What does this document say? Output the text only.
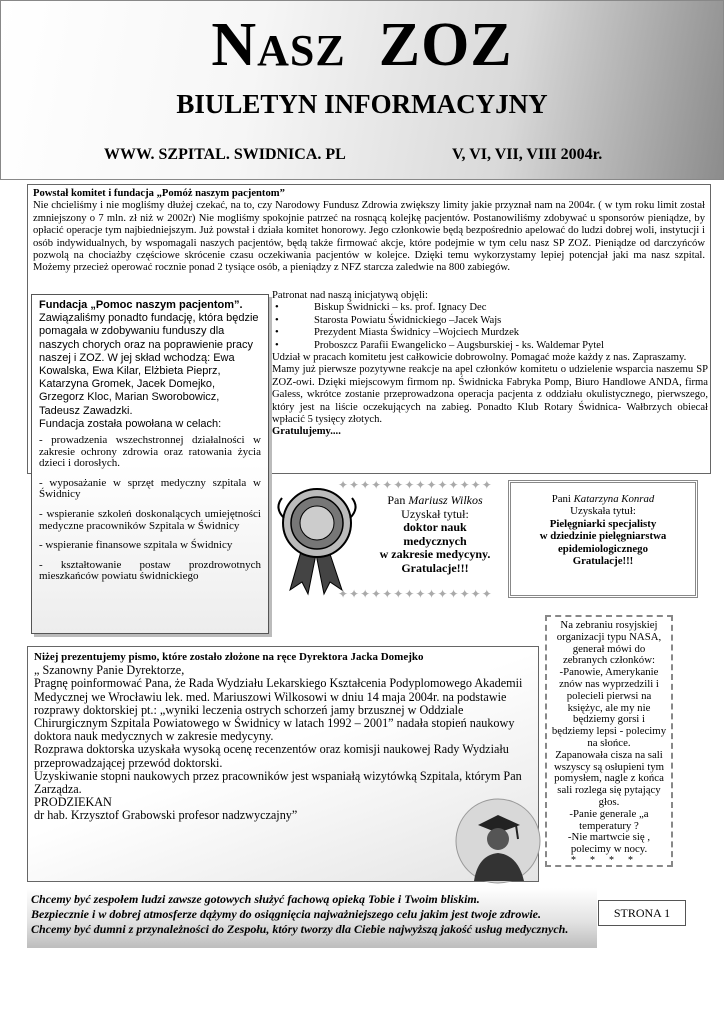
NASZ ZOZ
BIULETYN INFORMACYJNY
WWW. SZPITAL. SWIDNICA. PL	V, VI, VII, VIII 2004r.

Powstał komitet i fundacja „Pomóż naszym pacjentom”

Nie chcieliśmy i nie mogliśmy dłużej czekać, na to, czy Narodowy Fundusz Zdrowia zwiększy limity jakie przyznał nam na 2004r. ( w tym roku limit został zmniejszony o 7 mln. zł niż w 2002r) Nie mogliśmy spokojnie patrzeć na rosnącą kolejkę pacjentów. Postanowiliśmy zdobywać u sponsorów pieniądze, by opłacić operacje tym najbiedniejszym. Już powstał i działa komitet honorowy. Jego członkowie będą bezpośrednio apelować do ludzi dobrej woli, instytucji i osób indywidualnych, by wspomagali naszych pacjentów, będą także firmować akcje, które podejmie w tym celu nasz SP ZOZ. Pieniądze od darczyńców pozwolą na chociażby częściowe skrócenie czasu oczekiwania pacjentów w kolejce. Dzięki temu wykorzystamy lepiej potencjał jaki ma nasz szpital. Możemy przecież operować rocznie ponad 2 tysiące osób, a pieniądzy z NFZ starcza zaledwie na 800 zabiegów.

Patronat nad naszą inicjatywą objęli:

•	Biskup Świdnicki – ks. prof. Ignacy Dec
•	Starosta Powiatu Świdnickiego –Jacek Wajs
•	Prezydent Miasta Świdnicy –Wojciech Murdzek
•	Proboszcz Parafii Ewangelicko – Augsburskiej - ks. Waldemar Pytel

Udział w pracach komitetu jest całkowicie dobrowolny. Pomagać może każdy z nas. Zapraszamy.

Mamy już pierwsze pozytywne reakcje na apel członków komitetu o udzielenie wsparcia naszemu SP ZOZ-owi. Dzięki miejscowym firmom np. Świdnicka Fabryka Pomp, Biuro Handlowe ANDA, firma Galess, wkrótce zostanie przeprowadzona operacja pacjenta z oddziału okulistycznego, pierwszego, który jest na liście oczekujących na zabieg. Ponadto Klub Rotary Świdnica- Wałbrzych obiecał wpłacić 5 tysięcy złotych.

Gratulujemy....

Fundacja „Pomoc naszym pacjentom”.

Zawiązaliśmy ponadto fundację, która będzie pomagała w zdobywaniu funduszy dla naszych chorych oraz na poprawienie pracy naszej i ZOZ. W jej skład wchodzą: Ewa Kowalska, Ewa Kilar, Elżbieta Pieprz, Katarzyna Gromek, Jacek Domejko, Grzegorz Kloc, Marian Sworobowicz, Tadeusz Zawadzki.

Fundacja została powołana w celach:

- prowadzenia wszechstronnej działalności w zakresie ochrony zdrowia oraz ratowania życia dzieci i dorosłych.

- wyposażanie w sprzęt medyczny szpitala w Świdnicy

- wspieranie szkoleń doskonalących umiejętności medyczne pracowników Szpitala w Świdnicy

- wspieranie finansowe szpitala w Świdnicy

- kształtowanie postaw prozdrowotnych mieszkańców powiatu świdnickiego

✦✦✦✦✦✦✦✦✦✦✦✦✦✦
Pan Mariusz Wilkos
Uzyskał tytuł:
doktor nauk
medycznych
w zakresie medycyny.
Gratulacje!!!
✦✦✦✦✦✦✦✦✦✦✦✦✦✦
Pani Katarzyna Konrad
Uzyskała tytuł:
Pielęgniarki specjalisty
w dziedzinie pielęgniarstwa epidemiologicznego
Gratulacje!!!

Niżej prezentujemy pismo, które zostało złożone na ręce Dyrektora Jacka Domejko

„ Szanowny Panie Dyrektorze,

Pragnę poinformować Pana, że Rada Wydziału Lekarskiego Kształcenia Podyplomowego Akademii Medycznej we Wrocławiu lek. med. Mariuszowi Wilkosowi w dniu 14 maja 2004r. na podstawie rozprawy doktorskiej pt.: „wyniki leczenia ostrych schorzeń jamy brzusznej w Oddziale Chirurgicznym Szpitala Powiatowego w Świdnicy w latach 1992 – 2001” nadała stopień naukowy doktora nauk medycznych w zakresie medycyny.

Rozprawa doktorska uzyskała wysoką ocenę recenzentów oraz komisji naukowej Rady Wydziału przeprowadzającej przewód doktorski.

Uzyskiwanie stopni naukowych przez pracowników jest wspaniałą wizytówką Szpitala, którym Pan Zarządza.

PRODZIEKAN

dr hab. Krzysztof Grabowski profesor nadzwyczajny”

Na zebraniu rosyjskiej organizacji typu NASA, generał mówi do zebranych członków:

-Panowie, Amerykanie znów nas wyprzedzili i polecieli pierwsi na księżyc, ale my nie będziemy gorsi i będziemy lepsi - polecimy na słońce.

Zapanowała cisza na sali wszyscy są osłupieni tym pomysłem, nagle z końca sali rozlega się pytający głos.

-Panie generale „a temperatury ?

-Nie martwcie się , polecimy w nocy.

****

Chcemy być zespołem ludzi zawsze gotowych służyć fachową opieką Tobie i Twoim bliskim.

Bezpiecznie i w dobrej atmosferze dążymy do osiągnięcia najważniejszego celu jakim jest twoje zdrowie.

Chcemy być dumni z przynależności do Zespołu, który tworzy dla Ciebie najwyższą jakość usług medycznych.

STRONA 1
